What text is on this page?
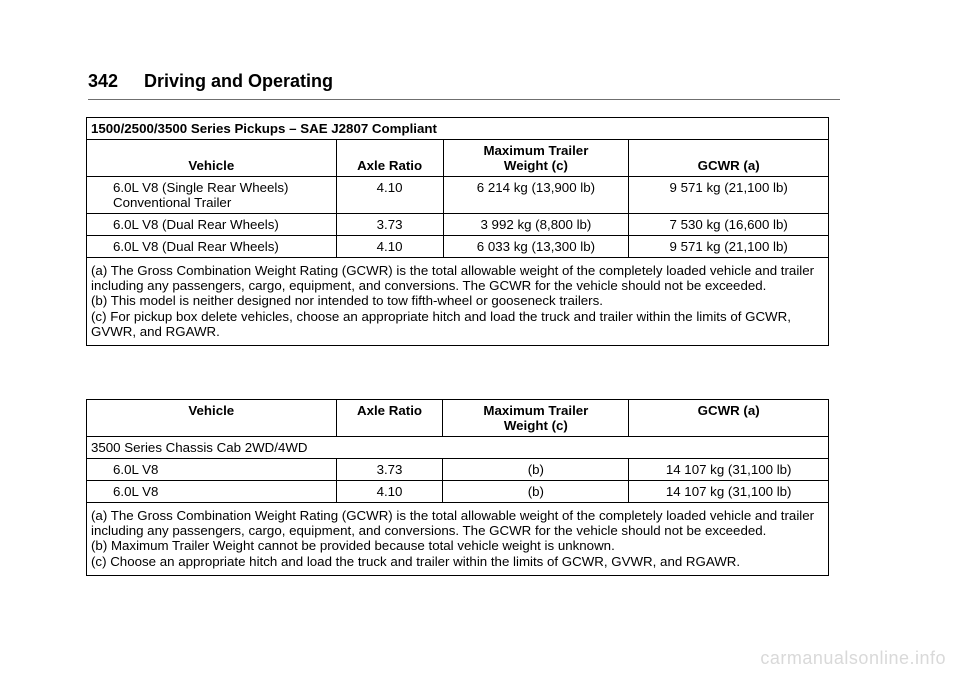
342 Driving and Operating
1500/2500/3500 Series Pickups – SAE J2807 Compliant			
Vehicle	Axle Ratio	Maximum Trailer Weight (c)	GCWR (a)

6.0L V8 (Single Rear Wheels)
Conventional Trailer	4.10	6 214 kg (13,900 lb)	9 571 kg (21,100 lb)

6.0L V8 (Dual Rear Wheels)	3.73	3 992 kg (8,800 lb)	7 530 kg (16,600 lb)

6.0L V8 (Dual Rear Wheels)	4.10	6 033 kg (13,300 lb)	9 571 kg (21,100 lb)

(a) The Gross Combination Weight Rating (GCWR) is the total allowable weight of the completely loaded vehicle and trailer including any passengers, cargo, equipment, and conversions. The GCWR for the vehicle should not be exceeded.
(b) This model is neither designed nor intended to tow fifth-wheel or gooseneck trailers.
(c) For pickup box delete vehicles, choose an appropriate hitch and load the truck and trailer within the limits of GCWR, GVWR, and RGAWR.			
Vehicle	Axle Ratio	Maximum Trailer Weight (c)	GCWR (a)
3500 Series Chassis Cab 2WD/4WD			
6.0L V8	3.73	(b)	14 107 kg (31,100 lb)
6.0L V8	4.10	(b)	14 107 kg (31,100 lb)

(a) The Gross Combination Weight Rating (GCWR) is the total allowable weight of the completely loaded vehicle and trailer including any passengers, cargo, equipment, and conversions. The GCWR for the vehicle should not be exceeded.
(b) Maximum Trailer Weight cannot be provided because total vehicle weight is unknown.
(c) Choose an appropriate hitch and load the truck and trailer within the limits of GCWR, GVWR, and RGAWR.			
carmanualsonline.info
